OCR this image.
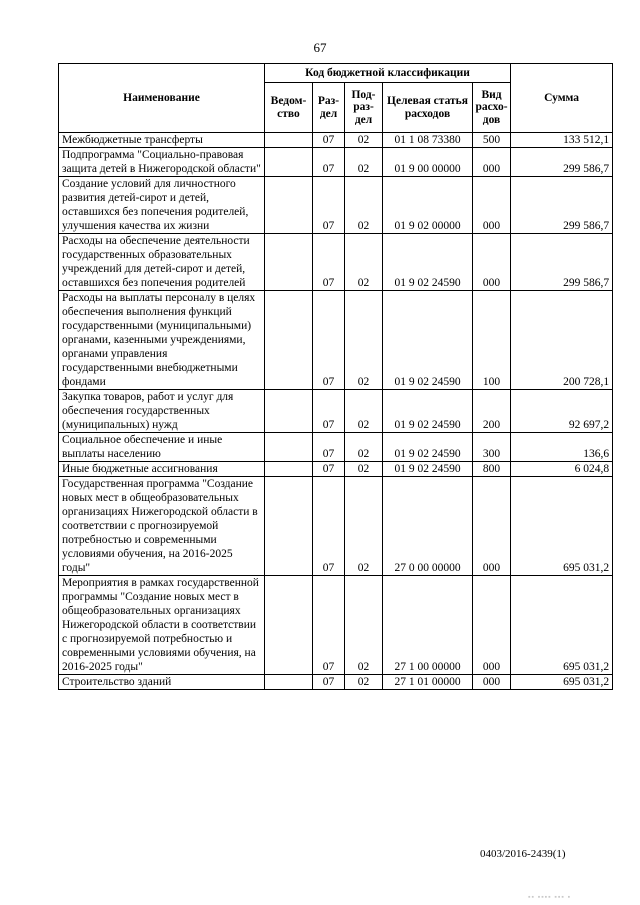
67
Наименование	Код бюджетной классификации					Сумма
	Ведом-ство	Раз-дел	Под-раз-дел	Целевая статья расходов	Вид расхо-дов	
Межбюджетные трансферты		07	02	01 1 08 73380	500	133 512,1
Подпрограмма "Социально-правовая защита детей в Нижегородской области"		07	02	01 9 00 00000	000	299 586,7
Создание условий для личностного развития детей-сирот и детей, оставшихся без попечения родителей, улучшения качества их жизни		07	02	01 9 02 00000	000	299 586,7
Расходы на обеспечение деятельности государственных образовательных учреждений для детей-сирот и детей, оставшихся без попечения родителей		07	02	01 9 02 24590	000	299 586,7
Расходы на выплаты персоналу в целях обеспечения выполнения функций государственными (муниципальными) органами, казенными учреждениями, органами управления государственными внебюджетными фондами		07	02	01 9 02 24590	100	200 728,1
Закупка товаров, работ и услуг для обеспечения государственных (муниципальных) нужд		07	02	01 9 02 24590	200	92 697,2
Социальное обеспечение и иные выплаты населению		07	02	01 9 02 24590	300	136,6
Иные бюджетные ассигнования		07	02	01 9 02 24590	800	6 024,8
Государственная программа "Создание новых мест в общеобразовательных организациях Нижегородской области в соответствии с прогнозируемой потребностью и современными условиями обучения, на 2016-2025 годы"		07	02	27 0 00 00000	000	695 031,2
Мероприятия в рамках государственной программы "Создание новых мест в общеобразовательных организациях Нижегородской области в соответствии с прогнозируемой потребностью и современными условиями обучения, на 2016-2025 годы"		07	02	27 1 00 00000	000	695 031,2
Строительство зданий		07	02	27 1 01 00000	000	695 031,2
0403/2016-2439(1)
▪▪ ▪▪▪▪ ▪▪▪ ▪
